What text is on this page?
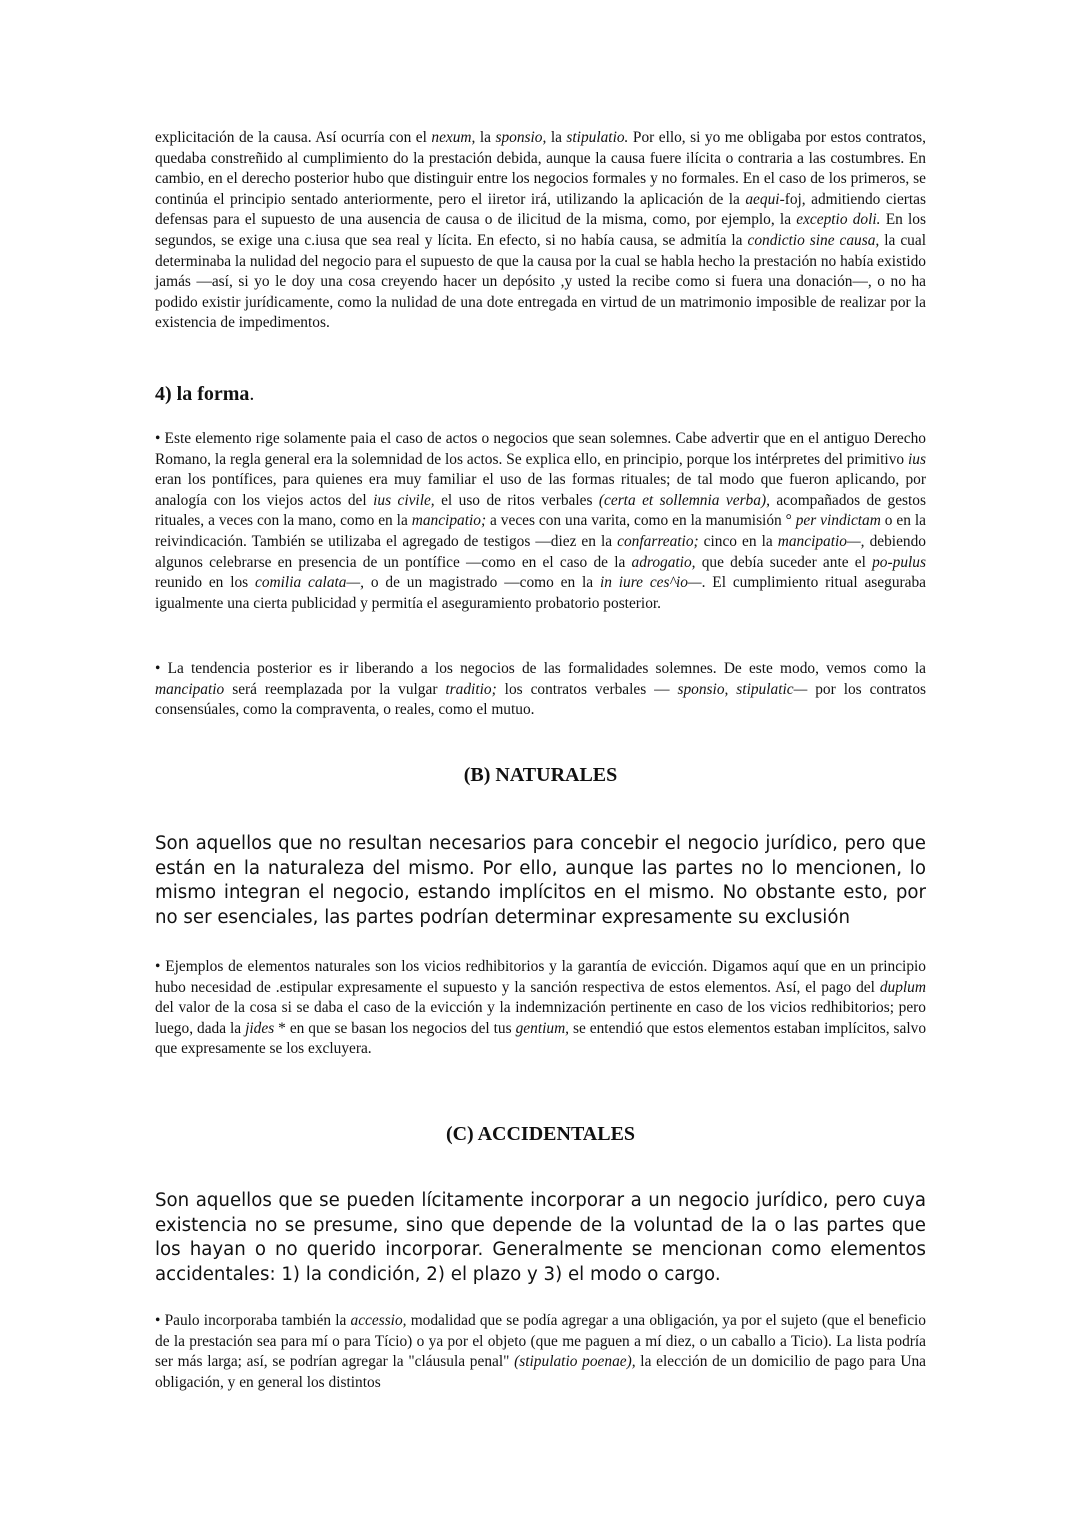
explicitación de la causa. Así ocurría con el nexum, la sponsio, la stipulatio. Por ello, si yo me obligaba por estos contratos, quedaba constreñido al cumplimiento do la prestación debida, aunque la causa fuere ilícita o contraria a las costumbres. En cambio, en el derecho posterior hubo que distinguir entre los negocios formales y no formales. En el caso de los primeros, se continúa el principio sentado anteriormente, pero el iiretor irá, utilizando la aplicación de la aequi-foj, admitiendo ciertas defensas para el supuesto de una ausencia de causa o de ilicitud de la misma, como, por ejemplo, la exceptio doli. En los segundos, se exige una c.iusa que sea real y lícita. En efecto, si no había causa, se admitía la condictio sine causa, la cual determinaba la nulidad del negocio para el supuesto de que la causa por la cual se habla hecho la prestación no había existido jamás —así, si yo le doy una cosa creyendo hacer un depósito ,y usted la recibe como si fuera una donación—, o no ha podido existir jurídicamente, como la nulidad de una dote entregada en virtud de un matrimonio imposible de realizar por la existencia de impedimentos.

4) la forma.

• Este elemento rige solamente paia el caso de actos o negocios que sean solemnes. Cabe advertir que en el antiguo Derecho Romano, la regla general era la solemnidad de los actos. Se explica ello, en principio, porque los intérpretes del primitivo ius eran los pontífices, para quienes era muy familiar el uso de las formas rituales; de tal modo que fueron aplicando, por analogía con los viejos actos del ius civile, el uso de ritos verbales (certa et sollemnia verba), acompañados de gestos rituales, a veces con la mano, como en la mancipatio; a veces con una varita, como en la manumisión ° per vindictam o en la reivindicación. También se utilizaba el agregado de testigos —diez en la confarreatio; cinco en la mancipatio—, debiendo algunos celebrarse en presencia de un pontífice —como en el caso de la adrogatio, que debía suceder ante el po-pulus reunido en los comilia calata—, o de un magistrado —como en la in iure ces^io—. El cumplimiento ritual aseguraba igualmente una cierta publicidad y permitía el aseguramiento probatorio posterior.

• La tendencia posterior es ir liberando a los negocios de las formalidades solemnes. De este modo, vemos como la mancipatio será reemplazada por la vulgar traditio; los contratos verbales — sponsio, stipulatic— por los contratos consensúales, como la compraventa, o reales, como el mutuo.

(B) NATURALES

Son aquellos que no resultan necesarios para concebir el negocio jurídico, pero que están en la naturaleza del mismo. Por ello, aunque las partes no lo mencionen, lo mismo integran el negocio, estando implícitos en el mismo. No obstante esto, por no ser esenciales, las partes podrían determinar expresamente su exclusión

• Ejemplos de elementos naturales son los vicios redhibitorios y la garantía de evicción. Digamos aquí que en un principio hubo necesidad de .estipular expresamente el supuesto y la sanción respectiva de estos elementos. Así, el pago del duplum del valor de la cosa si se daba el caso de la evicción y la indemnización pertinente en caso de los vicios redhibitorios; pero luego, dada la jides * en que se basan los negocios del tus gentium, se entendió que estos elementos estaban implícitos, salvo que expresamente se los excluyera.

(C) ACCIDENTALES

Son aquellos que se pueden lícitamente incorporar a un negocio jurídico, pero cuya existencia no se presume, sino que depende de la voluntad de la o las partes que los hayan o no querido incorporar. Generalmente se mencionan como elementos accidentales: 1) la condición, 2) el plazo y 3) el modo o cargo.

• Paulo incorporaba también la accessio, modalidad que se podía agregar a una obligación, ya por el sujeto (que el beneficio de la prestación sea para mí o para Tício) o ya por el objeto (que me paguen a mí diez, o un caballo a Ticio). La lista podría ser más larga; así, se podrían agregar la "cláusula penal" (stipulatio poenae), la elección de un domicilio de pago para Una obligación, y en general los distintos
